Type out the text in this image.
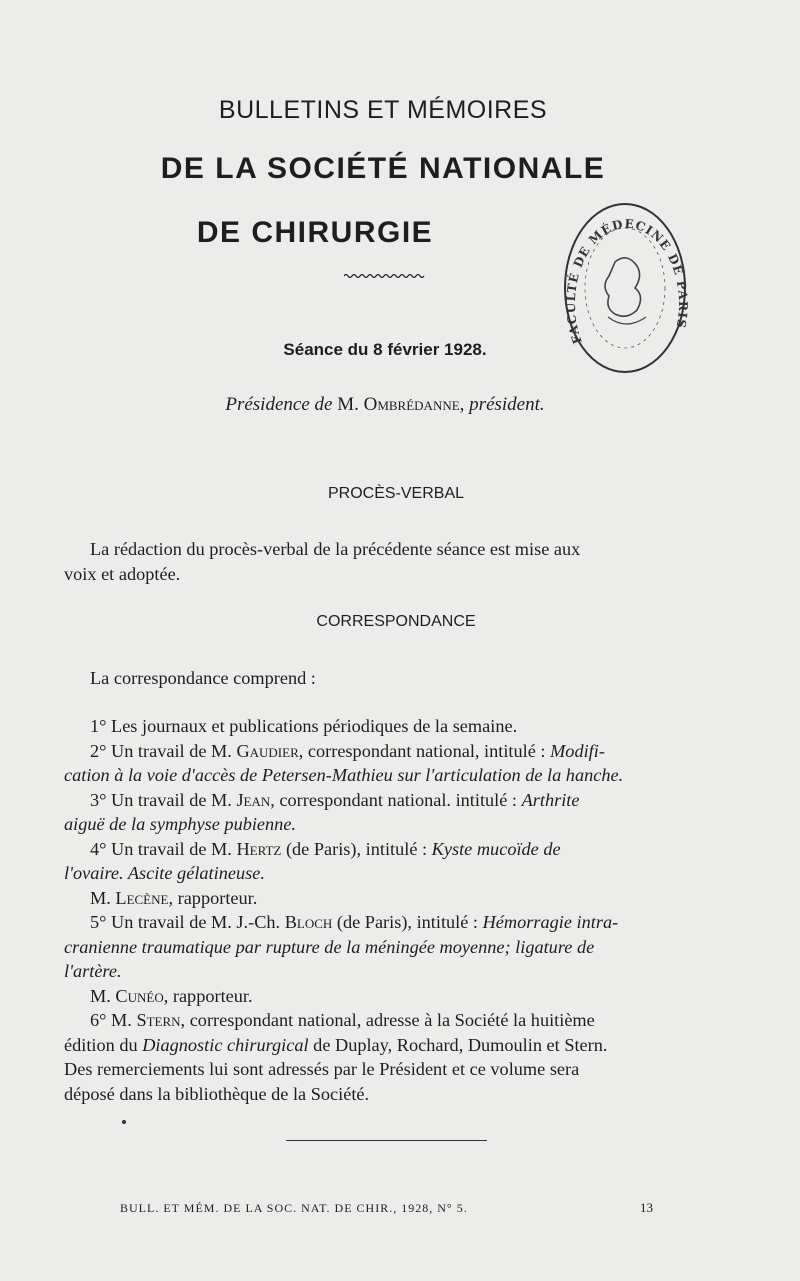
BULLETINS ET MÉMOIRES
DE LA SOCIÉTÉ NATIONALE
DE CHIRURGIE
FACULTÉ DE MÉDECINE DE PARIS
Séance du 8 février 1928.
Présidence de M. Ombrédanne, président.
PROCÈS-VERBAL
La rédaction du procès-verbal de la précédente séance est mise aux
voix et adoptée.
CORRESPONDANCE
La correspondance comprend :
1° Les journaux et publications périodiques de la semaine.
2° Un travail de M. Gaudier, correspondant national, intitulé : Modifi-
cation à la voie d'accès de Petersen-Mathieu sur l'articulation de la hanche.
3° Un travail de M. Jean, correspondant national. intitulé : Arthrite
aiguë de la symphyse pubienne.
4° Un travail de M. Hertz (de Paris), intitulé : Kyste mucoïde de
l'ovaire. Ascite gélatineuse.
M. Lecène, rapporteur.
5° Un travail de M. J.-Ch. Bloch (de Paris), intitulé : Hémorragie intra-
cranienne traumatique par rupture de la méningée moyenne; ligature de
l'artère.
M. Cunéo, rapporteur.
6° M. Stern, correspondant national, adresse à la Société la huitième
édition du Diagnostic chirurgical de Duplay, Rochard, Dumoulin et Stern.
Des remerciements lui sont adressés par le Président et ce volume sera
déposé dans la bibliothèque de la Société.
BULL. ET MÉM. DE LA SOC. NAT. DE CHIR., 1928, N° 5.	13
